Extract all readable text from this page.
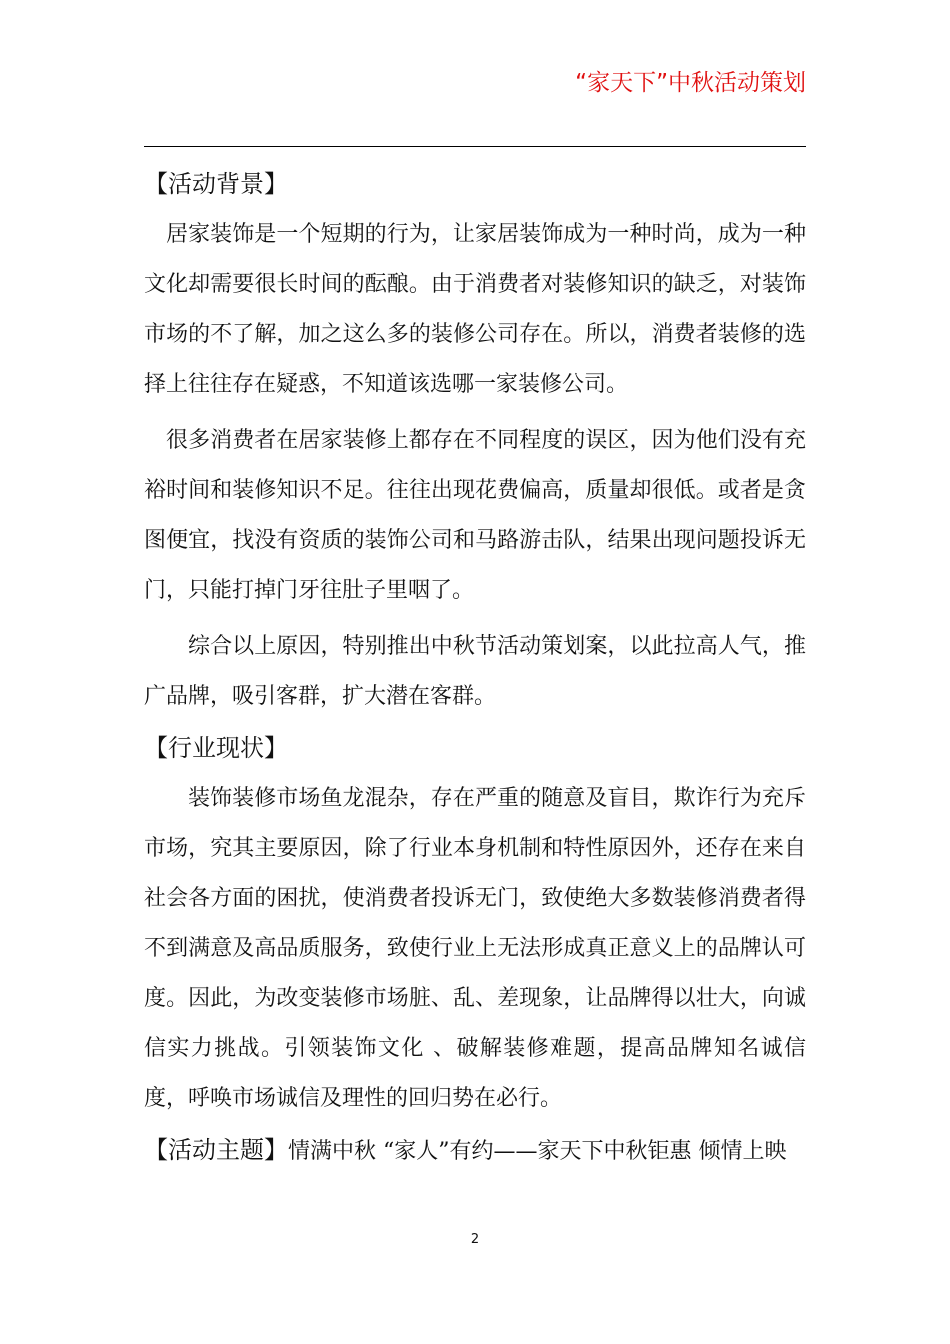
“家天下”中秋活动策划

【活动背景】

居家装饰是一个短期的行为，让家居装饰成为一种时尚，成为一种文化却需要很长时间的酝酿。由于消费者对装修知识的缺乏，对装饰市场的不了解，加之这么多的装修公司存在。所以，消费者装修的选择上往往存在疑惑，不知道该选哪一家装修公司。

很多消费者在居家装修上都存在不同程度的误区，因为他们没有充裕时间和装修知识不足。往往出现花费偏高，质量却很低。或者是贪图便宜，找没有资质的装饰公司和马路游击队，结果出现问题投诉无门，只能打掉门牙往肚子里咽了。

综合以上原因，特别推出中秋节活动策划案，以此拉高人气，推广品牌，吸引客群，扩大潜在客群。

【行业现状】

装饰装修市场鱼龙混杂，存在严重的随意及盲目，欺诈行为充斥市场，究其主要原因，除了行业本身机制和特性原因外，还存在来自社会各方面的困扰，使消费者投诉无门，致使绝大多数装修消费者得不到满意及高品质服务，致使行业上无法形成真正意义上的品牌认可度。因此，为改变装修市场脏、乱、差现象，让品牌得以壮大，向诚信实力挑战。引领装饰文化 、破解装修难题，提高品牌知名诚信度，呼唤市场诚信及理性的回归势在必行。

【活动主题】情满中秋 “家人”有约——家天下中秋钜惠 倾情上映

2
